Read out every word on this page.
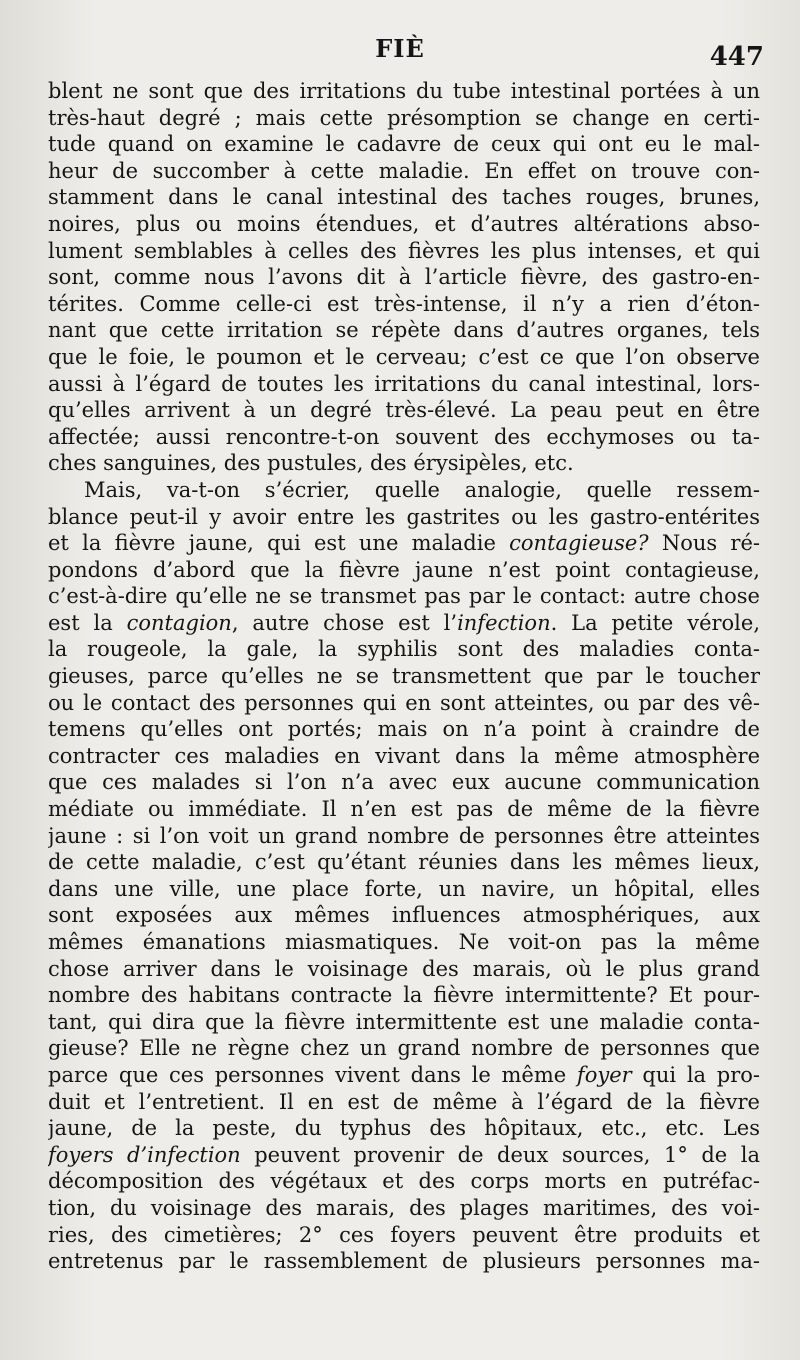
FIÈ	447
blent ne sont que des irritations du tube intestinal portées à un
très-haut degré ; mais cette présomption se change en certi-
tude quand on examine le cadavre de ceux qui ont eu le mal-
heur de succomber à cette maladie. En effet on trouve con-
stamment dans le canal intestinal des taches rouges, brunes,
noires, plus ou moins étendues, et d’autres altérations abso-
lument semblables à celles des fièvres les plus intenses, et qui
sont, comme nous l’avons dit à l’article fièvre, des gastro-en-
térites. Comme celle-ci est très-intense, il n’y a rien d’éton-
nant que cette irritation se répète dans d’autres organes, tels
que le foie, le poumon et le cerveau; c’est ce que l’on observe
aussi à l’égard de toutes les irritations du canal intestinal, lors-
qu’elles arrivent à un degré très-élevé. La peau peut en être
affectée; aussi rencontre-t-on souvent des ecchymoses ou ta-
ches sanguines, des pustules, des érysipèles, etc.
Mais, va-t-on s’écrier, quelle analogie, quelle ressem-
blance peut-il y avoir entre les gastrites ou les gastro-entérites
et la fièvre jaune, qui est une maladie contagieuse? Nous ré-
pondons d’abord que la fièvre jaune n’est point contagieuse,
c’est-à-dire qu’elle ne se transmet pas par le contact: autre chose
est la contagion, autre chose est l’infection. La petite vérole,
la rougeole, la gale, la syphilis sont des maladies conta-
gieuses, parce qu’elles ne se transmettent que par le toucher
ou le contact des personnes qui en sont atteintes, ou par des vê-
temens qu’elles ont portés; mais on n’a point à craindre de
contracter ces maladies en vivant dans la même atmosphère
que ces malades si l’on n’a avec eux aucune communication
médiate ou immédiate. Il n’en est pas de même de la fièvre
jaune : si l’on voit un grand nombre de personnes être atteintes
de cette maladie, c’est qu’étant réunies dans les mêmes lieux,
dans une ville, une place forte, un navire, un hôpital, elles
sont exposées aux mêmes influences atmosphériques, aux
mêmes émanations miasmatiques. Ne voit-on pas la même
chose arriver dans le voisinage des marais, où le plus grand
nombre des habitans contracte la fièvre intermittente? Et pour-
tant, qui dira que la fièvre intermittente est une maladie conta-
gieuse? Elle ne règne chez un grand nombre de personnes que
parce que ces personnes vivent dans le même foyer qui la pro-
duit et l’entretient. Il en est de même à l’égard de la fièvre
jaune, de la peste, du typhus des hôpitaux, etc., etc. Les
foyers d’infection peuvent provenir de deux sources, 1° de la
décomposition des végétaux et des corps morts en putréfac-
tion, du voisinage des marais, des plages maritimes, des voi-
ries, des cimetières; 2° ces foyers peuvent être produits et
entretenus par le rassemblement de plusieurs personnes ma-
